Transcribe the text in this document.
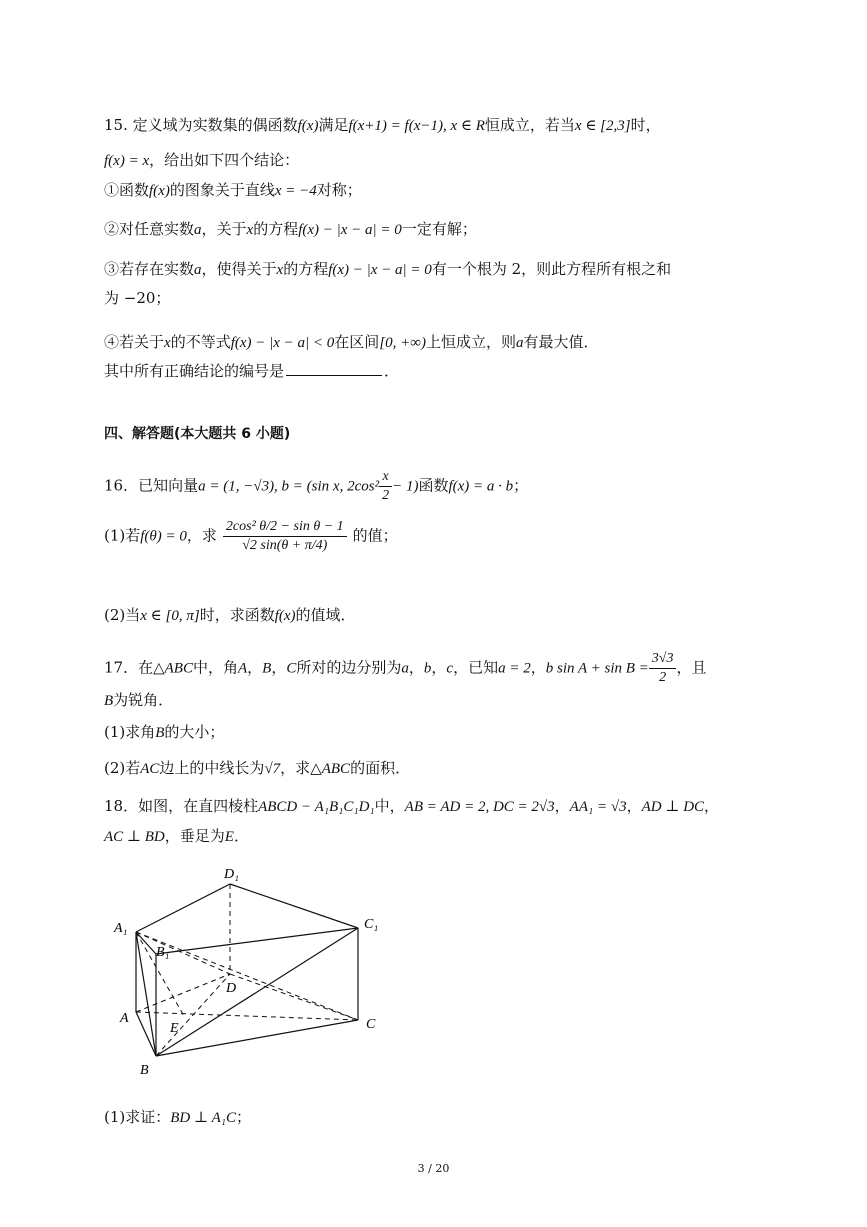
15. 定义域为实数集的偶函数f(x)满足f(x+1) = f(x−1), x ∈ R恒成立，若当x ∈ [2,3]时，
f(x) = x，给出如下四个结论：
①函数f(x)的图象关于直线x = −4对称；
②对任意实数a，关于x的方程f(x) − |x − a| = 0一定有解；
③若存在实数a，使得关于x的方程f(x) − |x − a| = 0有一个根为 2，则此方程所有根之和
为 −20；
④若关于x的不等式f(x) − |x − a| < 0在区间[0, +∞)上恒成立，则a有最大值．
其中所有正确结论的编号是	．
四、解答题(本大题共 6 小题)
16．已知向量a = (1, −√3), b = (sin x, $2\cos^2 \frac{x}{2} - 1$)函数f(x) = a · b；
(1)若f(θ) = 0，求 $\frac{\text{2cos² θ/2 − sin θ − 1}}{√2 \sin(\theta + \pi/4)}$ 的值；
(2)当x ∈ [0, π]时，求函数f(x)的值域．
17．在△ABC中，角A，B，C所对的边分别为a，b，c，已知a = 2，b $\sin A + \sin B = \frac{3√3}{2}$ ，且
B为锐角．
(1)求角B的大小；
(2)若AC边上的中线长为√7，求△ABC的面积．
18．如图，在直四棱柱ABCD − A₁B₁C₁D₁中，AB = AD = 2, DC = 2√3，AA₁ = √3，AD ⊥ DC，
AC ⊥ BD，垂足为E．
D₁
A₁
B₁
C₁
D
A
E	C
B
(1)求证：BD ⊥ A₁C；
3 / 20
